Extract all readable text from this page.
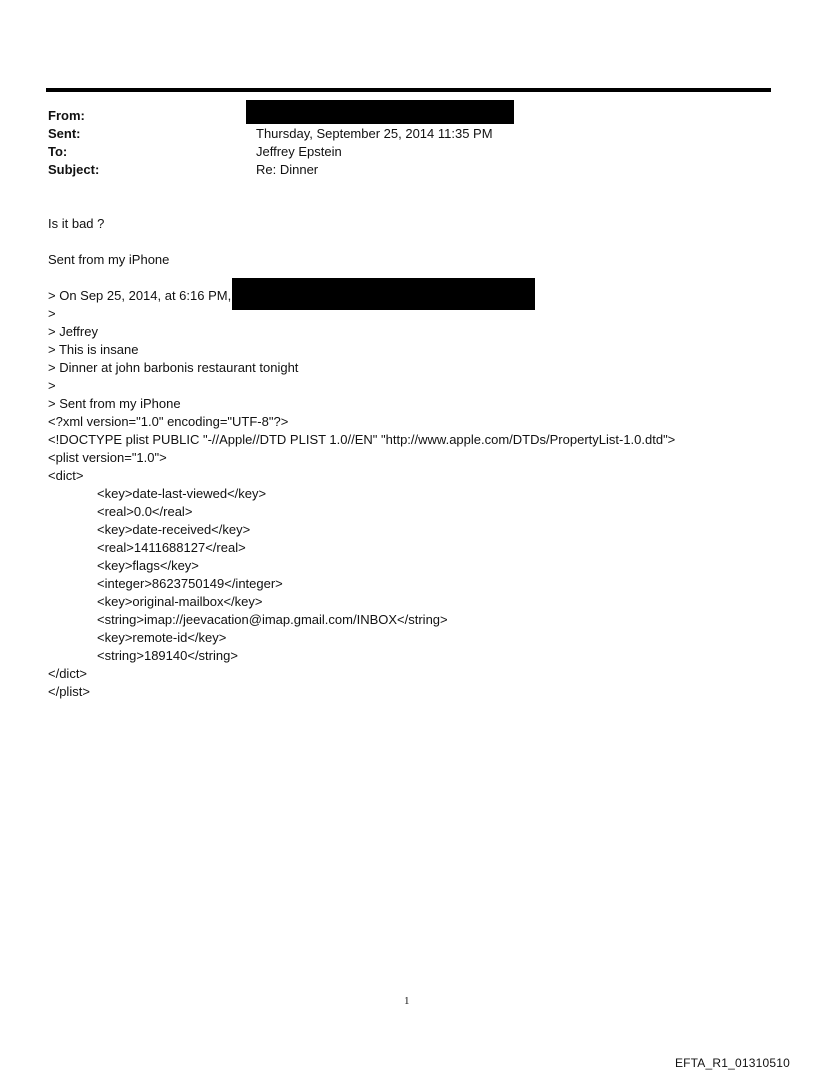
From:
Sent:
To:
Subject:
Thursday, September 25, 2014 11:35 PM
Jeffrey Epstein
Re: Dinner
Is it bad ?
Sent from my iPhone
> On Sep 25, 2014, at 6:16 PM,
>
> Jeffrey
> This is insane
> Dinner at john barbonis restaurant tonight
>
> Sent from my iPhone
<?xml version="1.0" encoding="UTF-8"?>
<!DOCTYPE plist PUBLIC "-//Apple//DTD PLIST 1.0//EN" "http://www.apple.com/DTDs/PropertyList-1.0.dtd">
<plist version="1.0">
<dict>
<key>date-last-viewed</key>
<real>0.0</real>
<key>date-received</key>
<real>1411688127</real>
<key>flags</key>
<integer>8623750149</integer>
<key>original-mailbox</key>
<string>imap://jeevacation@imap.gmail.com/INBOX</string>
<key>remote-id</key>
<string>189140</string>
</dict>
</plist>
1
EFTA_R1_01310510
